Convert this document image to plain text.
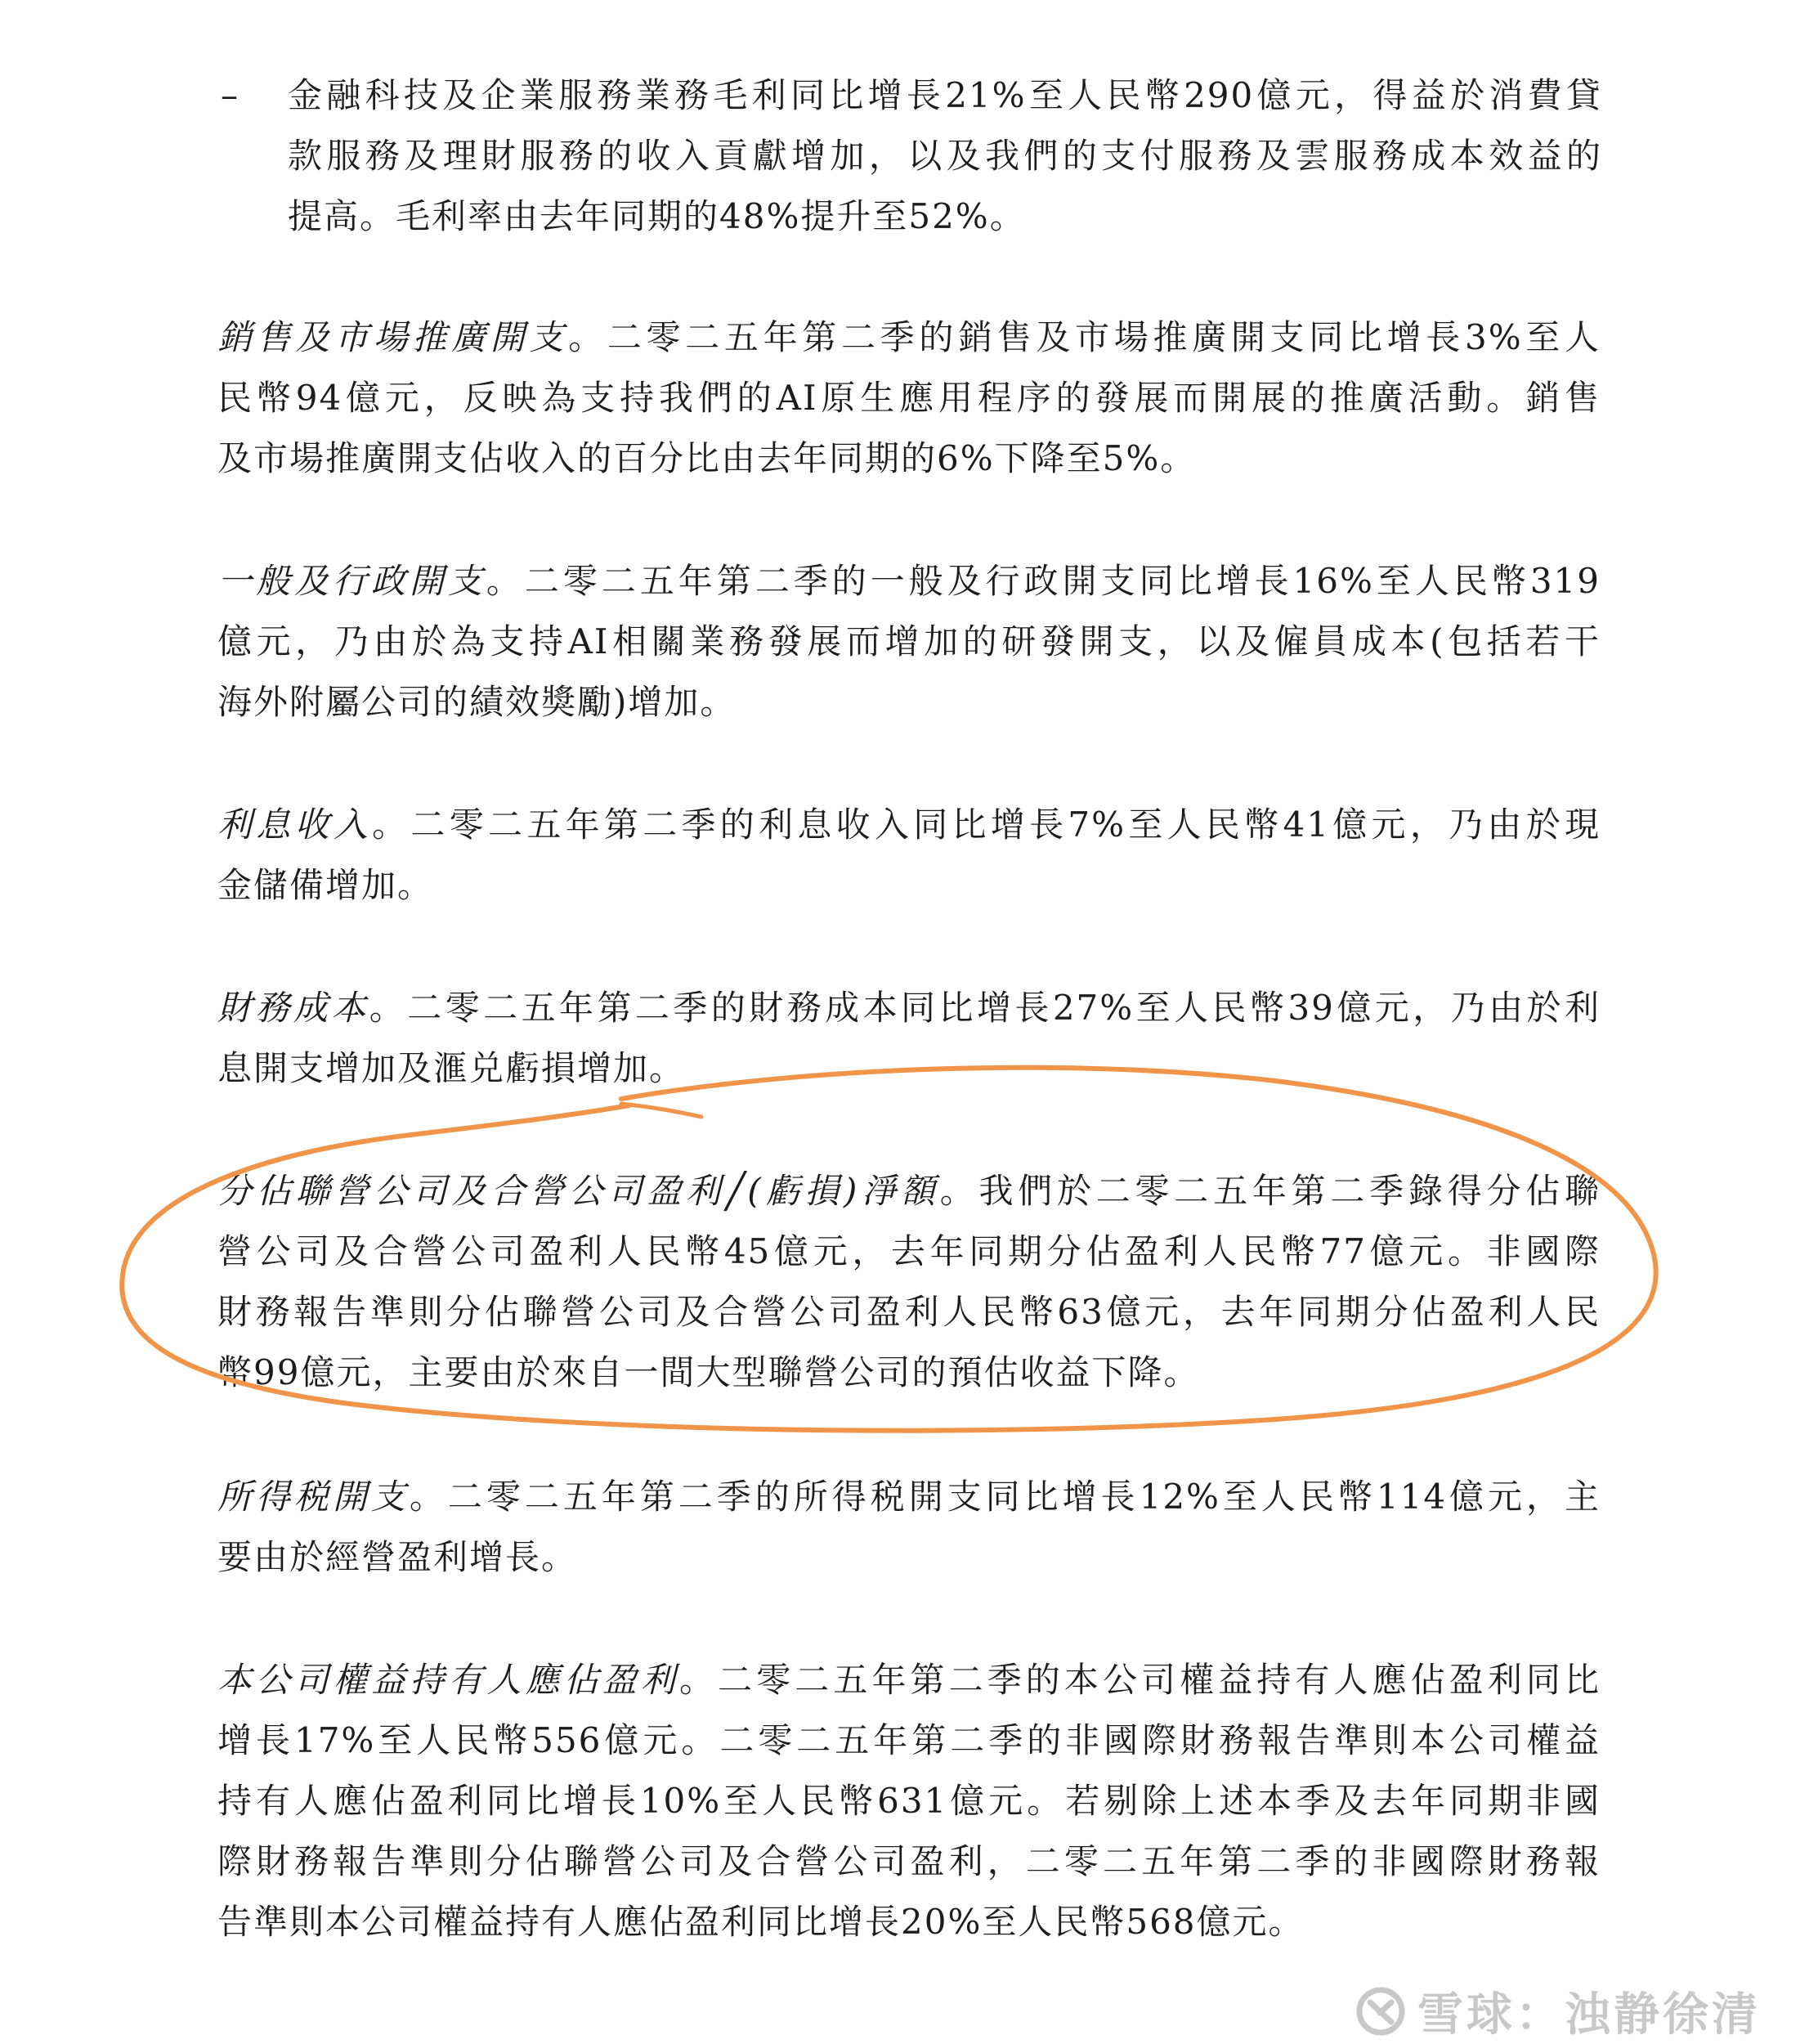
– 金融科技及企業服務業務毛利同比增長21%至人民幣290億元，得益於消費貸
款服務及理財服務的收入貢獻增加，以及我們的支付服務及雲服務成本效益的
提高。毛利率由去年同期的48%提升至52%。
銷售及市場推廣開支。二零二五年第二季的銷售及市場推廣開支同比增長3%至人
民幣94億元，反映為支持我們的AI原生應用程序的發展而開展的推廣活動。銷售
及市場推廣開支佔收入的百分比由去年同期的6%下降至5%。
一般及行政開支。二零二五年第二季的一般及行政開支同比增長16%至人民幣319
億元，乃由於為支持AI相關業務發展而增加的研發開支，以及僱員成本(包括若干
海外附屬公司的績效獎勵)增加。
利息收入。二零二五年第二季的利息收入同比增長7%至人民幣41億元，乃由於現
金儲備增加。
財務成本。二零二五年第二季的財務成本同比增長27%至人民幣39億元，乃由於利
息開支增加及滙兑虧損增加。
分佔聯營公司及合營公司盈利╱(虧損)淨額。我們於二零二五年第二季錄得分佔聯
營公司及合營公司盈利人民幣45億元，去年同期分佔盈利人民幣77億元。非國際
財務報告準則分佔聯營公司及合營公司盈利人民幣63億元，去年同期分佔盈利人民
幣99億元，主要由於來自一間大型聯營公司的預估收益下降。
所得税開支。二零二五年第二季的所得税開支同比增長12%至人民幣114億元，主
要由於經營盈利增長。
本公司權益持有人應佔盈利。二零二五年第二季的本公司權益持有人應佔盈利同比
增長17%至人民幣556億元。二零二五年第二季的非國際財務報告準則本公司權益
持有人應佔盈利同比增長10%至人民幣631億元。若剔除上述本季及去年同期非國
際財務報告準則分佔聯營公司及合營公司盈利，二零二五年第二季的非國際財務報
告準則本公司權益持有人應佔盈利同比增長20%至人民幣568億元。
雪球：浊静徐清
